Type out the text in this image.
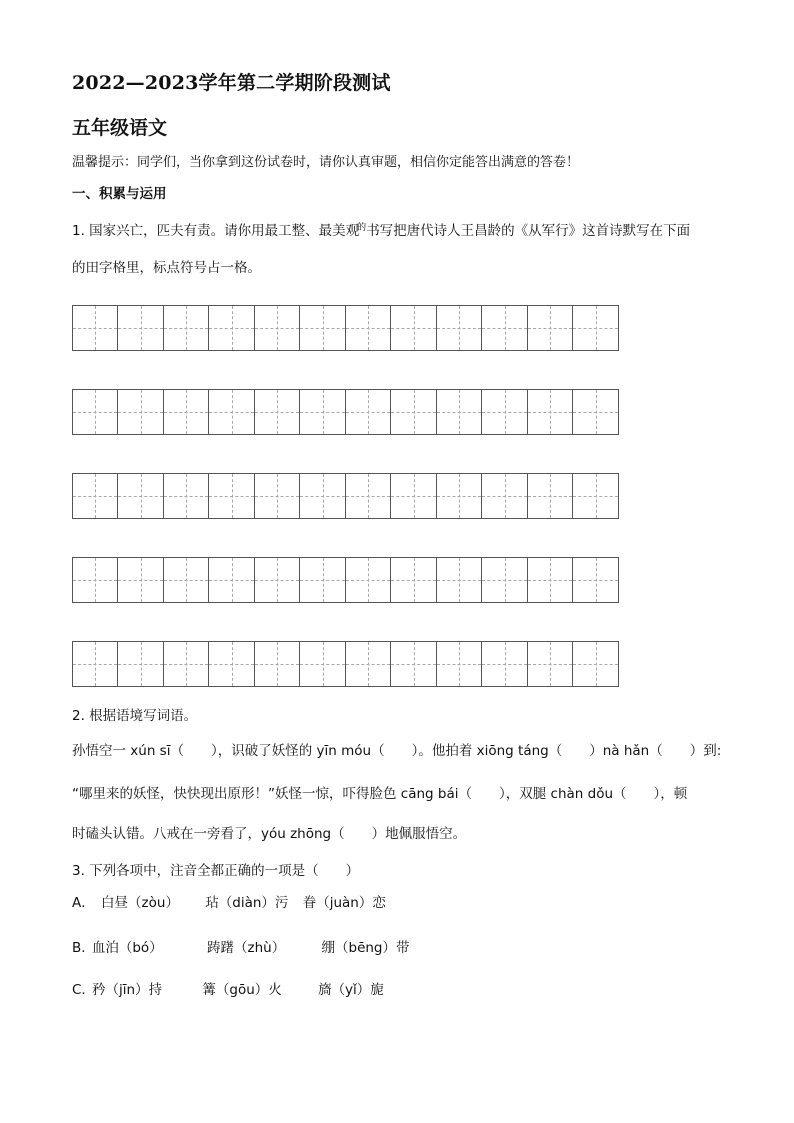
2022—2023学年第二学期阶段测试
五年级语文
温馨提示：同学们，当你拿到这份试卷时，请你认真审题，相信你定能答出满意的答卷！
一、积累与运用
1. 国家兴亡，匹夫有责。请你用最工整、最美观$^的$书写把唐代诗人王昌龄的《从军行》这首诗默写在下面
的田字格里，标点符号占一格。
2. 根据语境写词语。
孙悟空一 xún sī（　　），识破了妖怪的 yīn móu（　　）。他拍着 xiōng táng（　　）nà hǎn（　　）到:
“哪里来的妖怪，快快现出原形！”妖怪一惊，吓得脸色 cāng bái（　　），双腿 chàn dǒu（　　），顿
时磕头认错。八戒在一旁看了，yóu zhōng（　　）地佩服悟空。
3. 下列各项中，注音全都正确的一项是（　　）
A． 白昼（zòu） 玷（diàn）污 眷（juàn）恋
B. 血泊（bó）	踌躇（zhù）	绷（bēng）带
C. 矜（jīn）持	篝（gōu）火	旖（yǐ）旎
